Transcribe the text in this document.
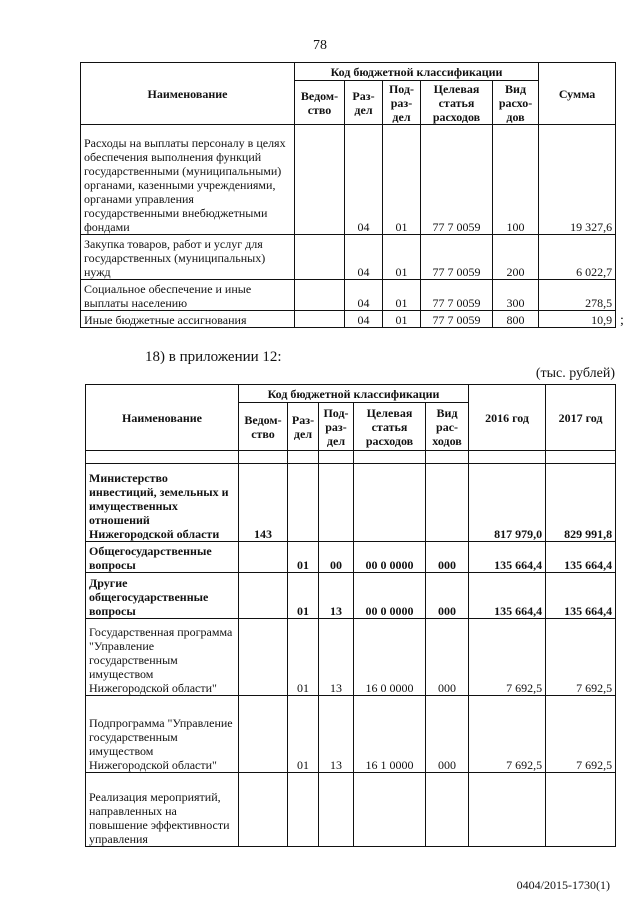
78
Наименование	Код бюджетной классификации					Сумма
	Ведом-ство	Раз-дел	Под-раз-дел	Целевая статья расходов	Вид расхо-дов	
Расходы на выплаты персоналу в целях обеспечения выполнения функций государственными (муниципальными) органами, казенными учреждениями, органами управления государственными внебюджетными фондами		04	01	77 7 0059	100	19 327,6
Закупка товаров, работ и услуг для государственных (муниципальных) нужд		04	01	77 7 0059	200	6 022,7
Социальное обеспечение и иные выплаты населению		04	01	77 7 0059	300	278,5
Иные бюджетные ассигнования		04	01	77 7 0059	800	10,9 ;
18) в приложении 12:
(тыс. рублей)
Наименование	Код бюджетной классификации					2016 год	2017 год
	Ведом-ство	Раз-дел	Под-раз-дел	Целевая статья расходов	Вид рас-ходов		

Министерство инвестиций, земельных и имущественных отношений Нижегородской области	143					817 979,0	829 991,8
Общегосударственные вопросы		01	00	00 0 0000	000	135 664,4	135 664,4
Другие общегосударственные вопросы		01	13	00 0 0000	000	135 664,4	135 664,4
Государственная программа "Управление государственным имуществом Нижегородской области"		01	13	16 0 0000	000	7 692,5	7 692,5
Подпрограмма "Управление государственным имуществом Нижегородской области"		01	13	16 1 0000	000	7 692,5	7 692,5
Реализация мероприятий, направленных на повышение эффективности управления							
0404/2015-1730(1)
